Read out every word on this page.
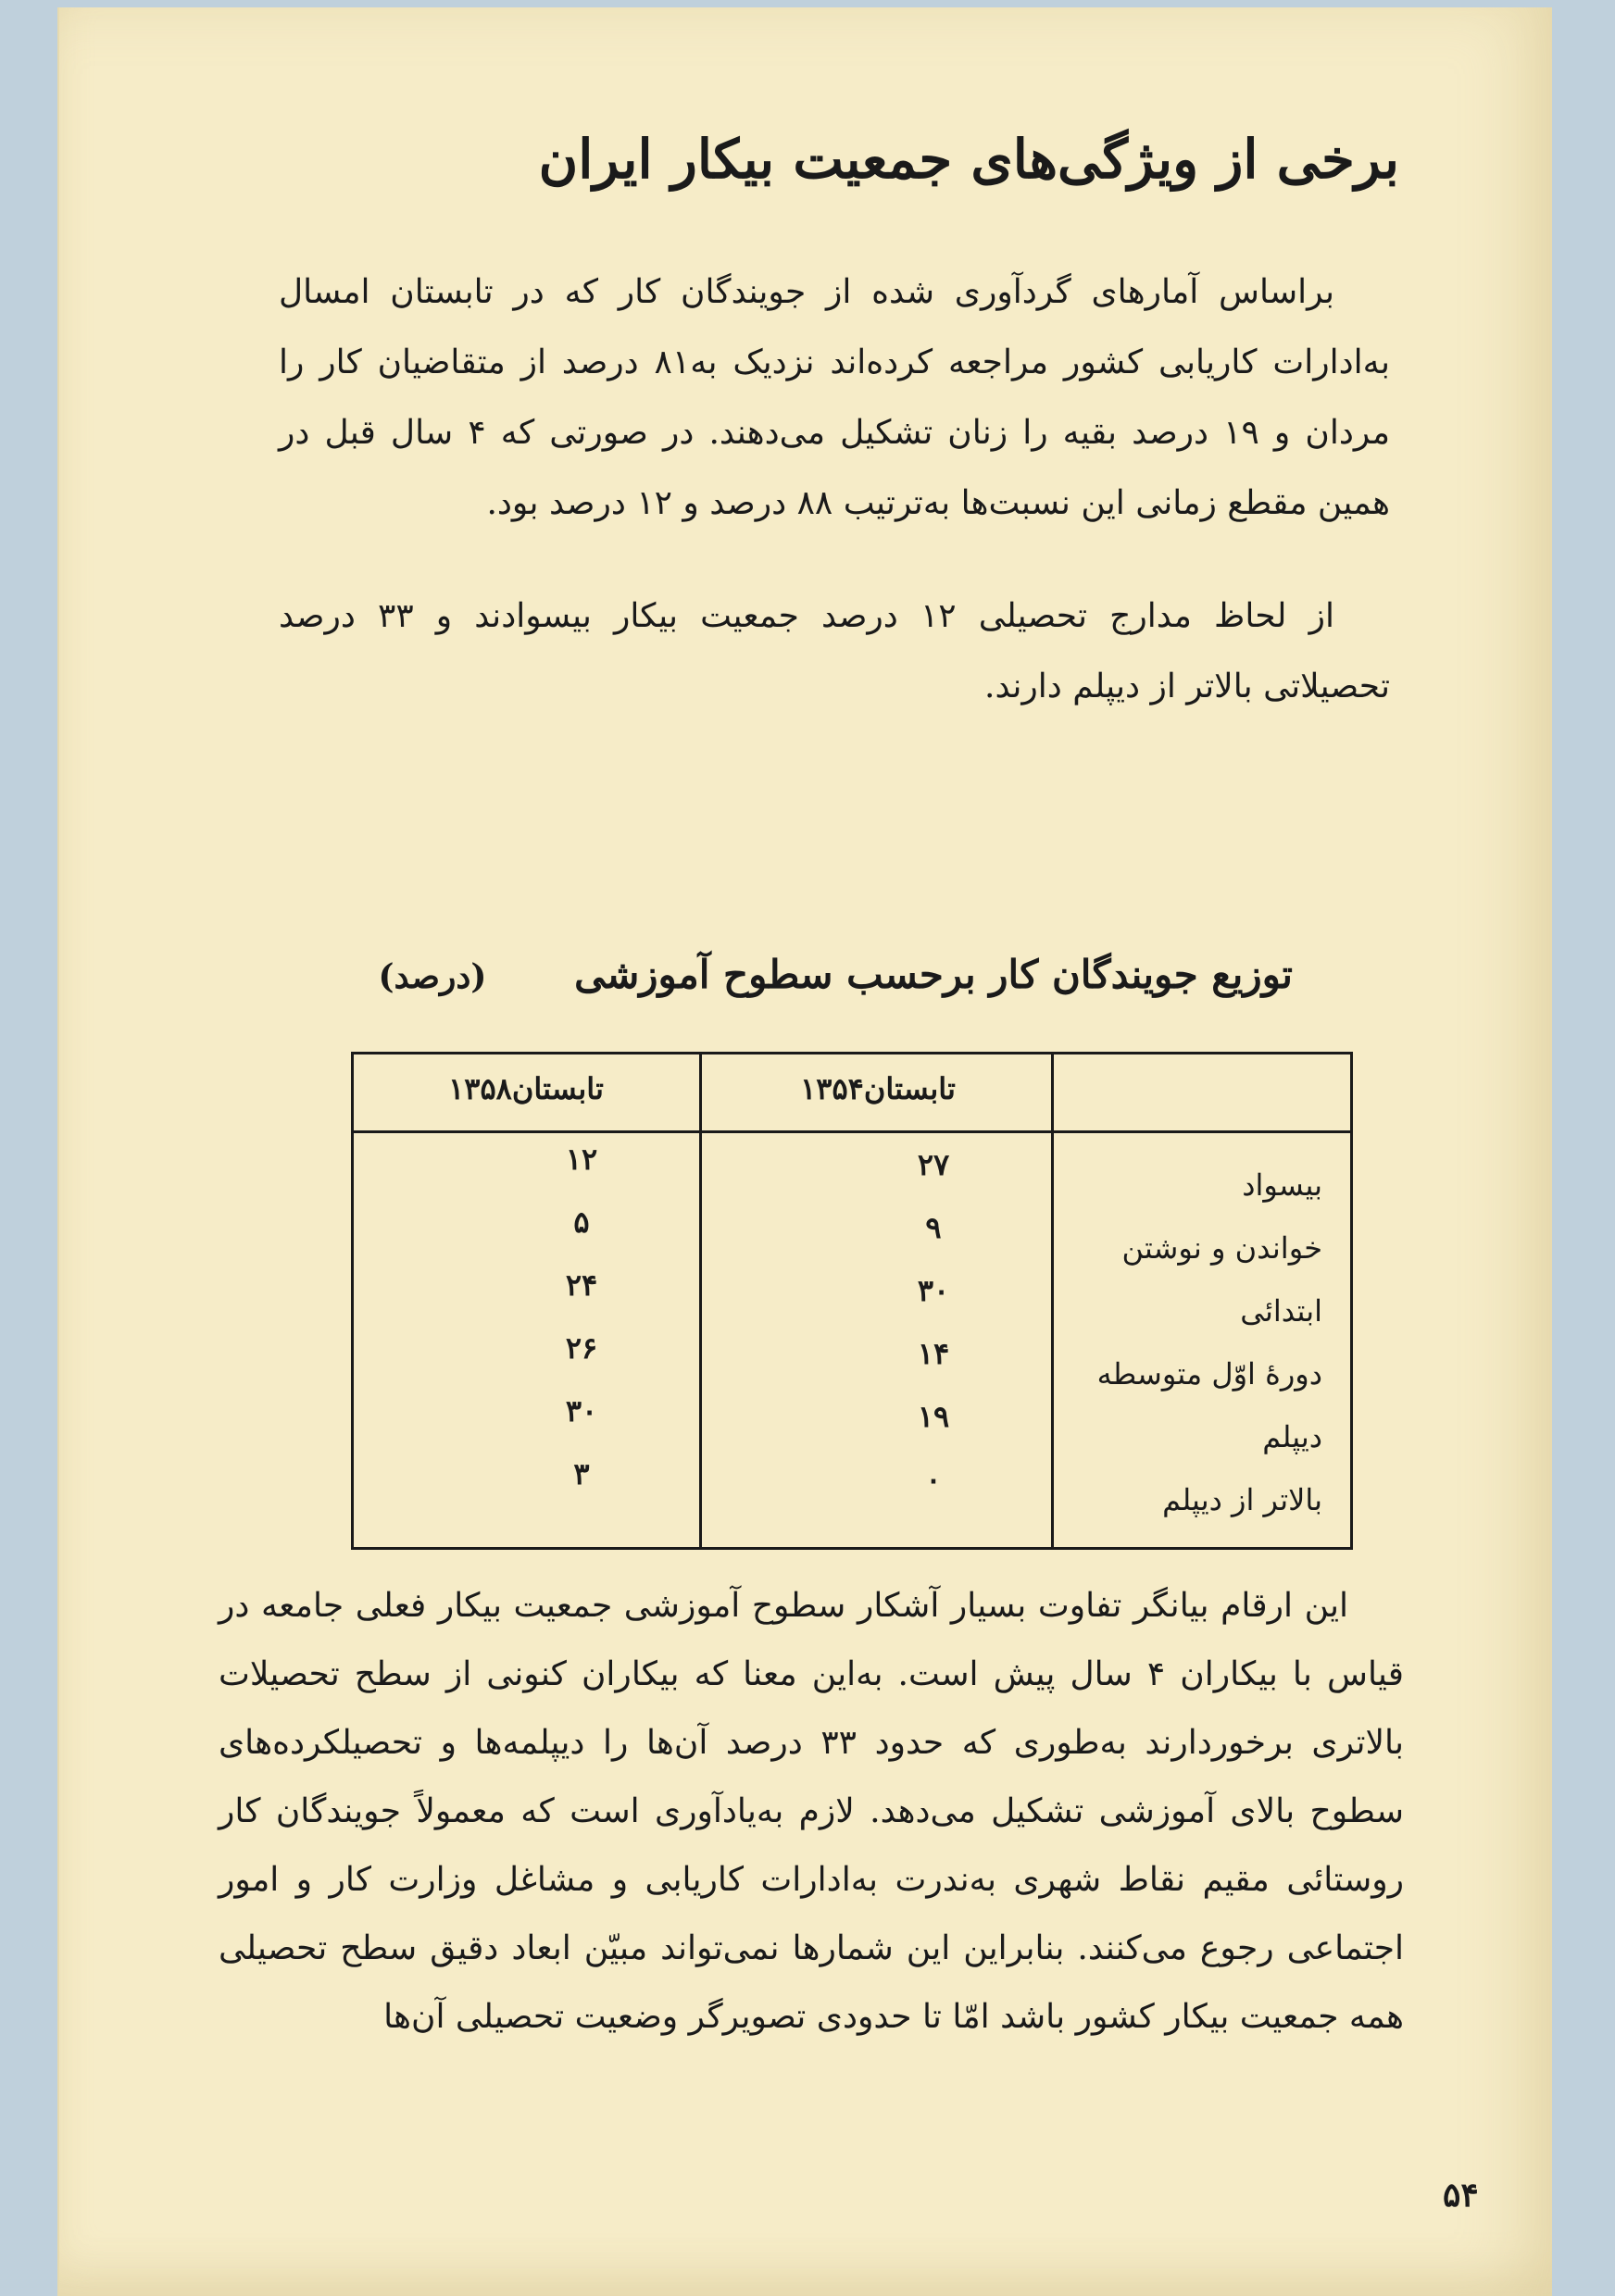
برخی از ویژگی‌های جمعیت بیکار ایران
براساس آمارهای گردآوری شده از جویندگان کار که در تابستان امسال به‌ادارات کاریابی کشور مراجعه کرده‌اند نزدیک به۸۱ درصد از متقاضیان کار را مردان و ۱۹ درصد بقیه را زنان تشکیل می‌دهند. در صورتی که ۴ سال قبل در همین مقطع زمانی این نسبت‌ها به‌ترتیب ۸۸ درصد و ۱۲ درصد بود.
از لحاظ مدارج تحصیلی ۱۲ درصد جمعیت بیکار بیسوادند و ۳۳ درصد تحصیلاتی بالاتر از دیپلم دارند.
توزیع جویندگان کار برحسب سطوح آموزشی (درصد)
تابستان۱۳۵۴
تابستان۱۳۵۸
بیسواد
۲۷
۱۲
خواندن و نوشتن
۹
۵
ابتدائی
۳۰
۲۴
دورهٔ اوّل متوسطه
۱۴
۲۶
دیپلم
۱۹
۳۰
بالاتر از دیپلم
۰
۳
این ارقام بیانگر تفاوت بسیار آشکار سطوح آموزشی جمعیت بیکار فعلی جامعه در قیاس با بیکاران ۴ سال پیش است. به‌این معنا که بیکاران کنونی از سطح تحصیلات بالاتری برخوردارند به‌طوری که حدود ۳۳ درصد آن‌ها را دیپلمه‌ها و تحصیلکرده‌های سطوح بالای آموزشی تشکیل می‌دهد. لازم به‌یادآوری است که معمولاً جویندگان کار روستائی مقیم نقاط شهری به‌ندرت به‌ادارات کاریابی و مشاغل وزارت کار و امور اجتماعی رجوع می‌کنند. بنابراین این شمارها نمی‌تواند مبیّن ابعاد دقیق سطح تحصیلی همه جمعیت بیکار کشور باشد امّا تا حدودی تصویرگر وضعیت تحصیلی آن‌ها
۵۴
